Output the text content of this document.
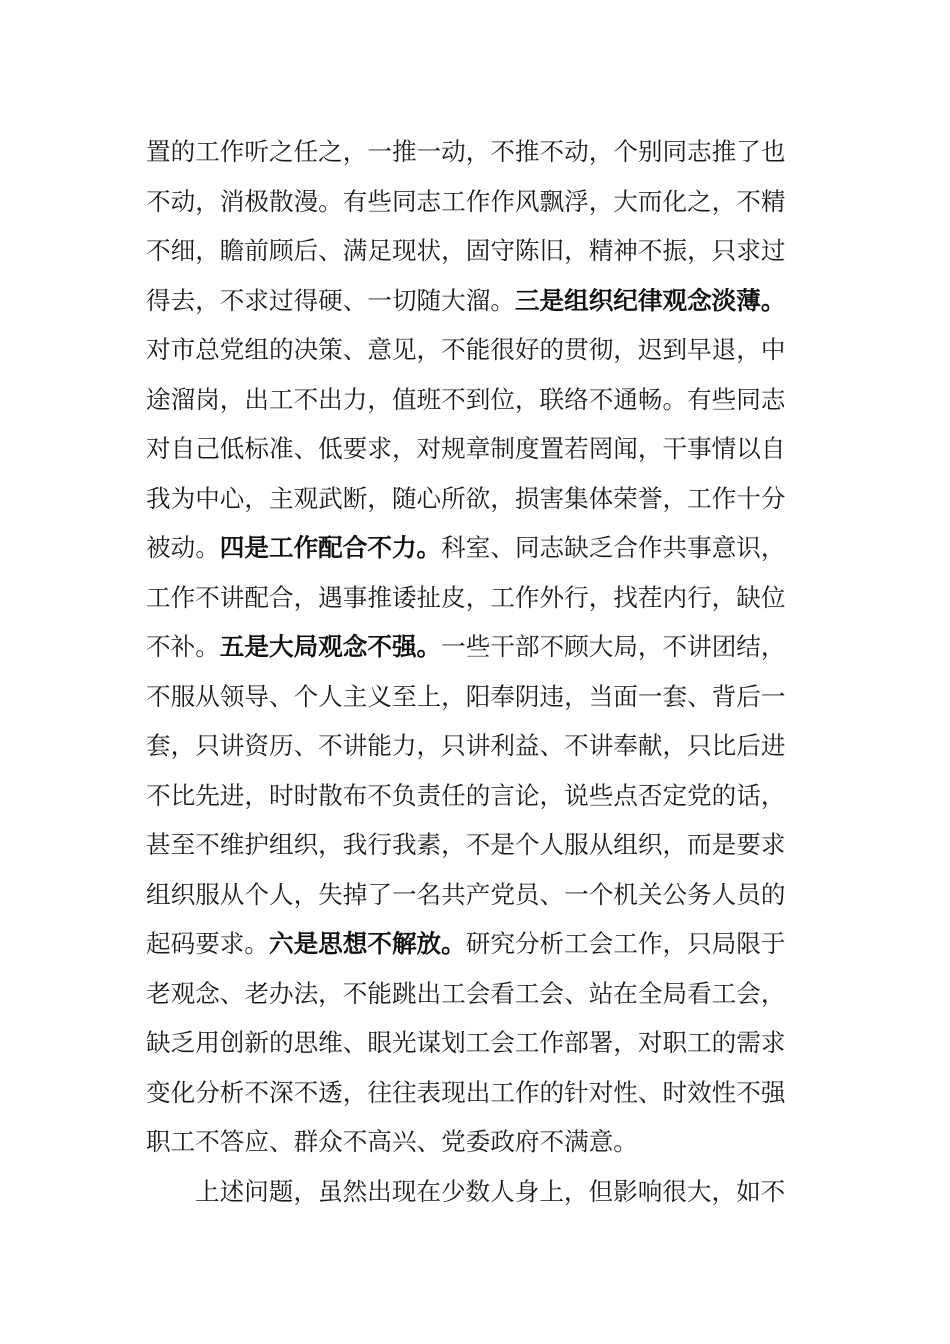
置的工作听之任之，一推一动，不推不动，个别同志推了也
不动，消极散漫。有些同志工作作风飘浮，大而化之，不精
不细，瞻前顾后、满足现状，固守陈旧，精神不振，只求过
得去，不求过得硬、一切随大溜。三是组织纪律观念淡薄。
对市总党组的决策、意见，不能很好的贯彻，迟到早退，中
途溜岗，出工不出力，值班不到位，联络不通畅。有些同志
对自己低标准、低要求，对规章制度置若罔闻，干事情以自
我为中心，主观武断，随心所欲，损害集体荣誉，工作十分
被动。四是工作配合不力。科室、同志缺乏合作共事意识，
工作不讲配合，遇事推诿扯皮，工作外行，找茬内行，缺位
不补。五是大局观念不强。一些干部不顾大局，不讲团结，
不服从领导、个人主义至上，阳奉阴违，当面一套、背后一
套，只讲资历、不讲能力，只讲利益、不讲奉献，只比后进
不比先进，时时散布不负责任的言论，说些点否定党的话，
甚至不维护组织，我行我素，不是个人服从组织，而是要求
组织服从个人，失掉了一名共产党员、一个机关公务人员的
起码要求。六是思想不解放。研究分析工会工作，只局限于
老观念、老办法，不能跳出工会看工会、站在全局看工会，
缺乏用创新的思维、眼光谋划工会工作部署，对职工的需求
变化分析不深不透，往往表现出工作的针对性、时效性不强
职工不答应、群众不高兴、党委政府不满意。
上述问题，虽然出现在少数人身上，但影响很大，如不
